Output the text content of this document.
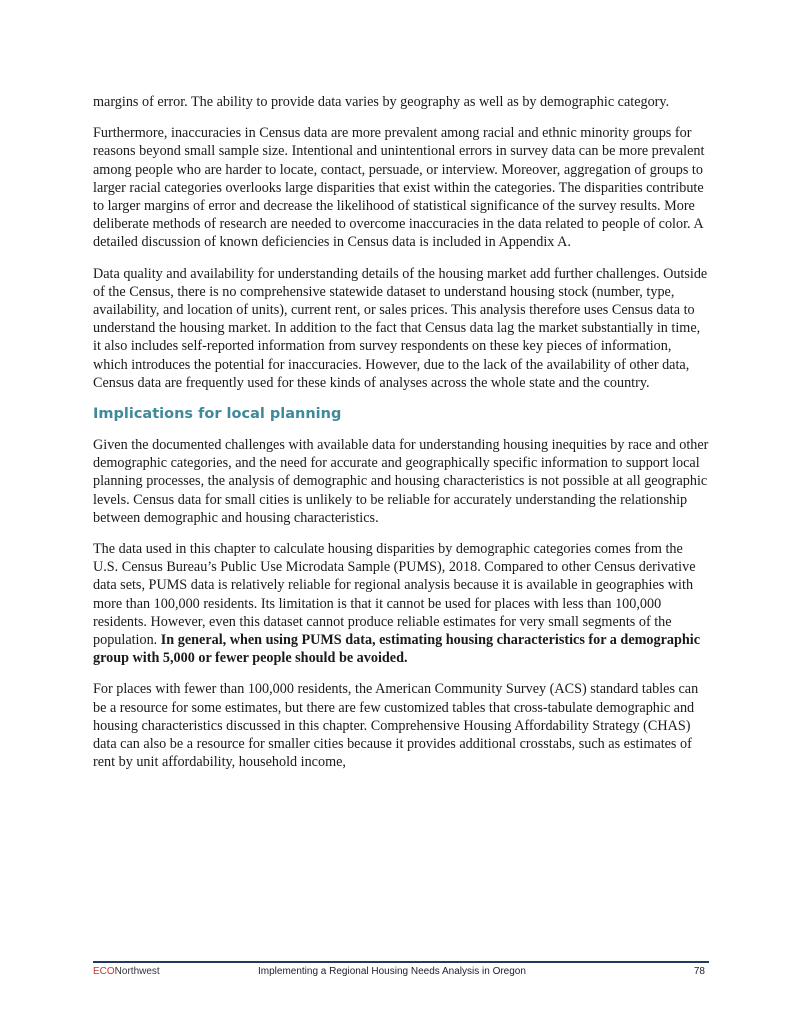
margins of error. The ability to provide data varies by geography as well as by demographic category.

Furthermore, inaccuracies in Census data are more prevalent among racial and ethnic minority groups for reasons beyond small sample size. Intentional and unintentional errors in survey data can be more prevalent among people who are harder to locate, contact, persuade, or interview. Moreover, aggregation of groups to larger racial categories overlooks large disparities that exist within the categories. The disparities contribute to larger margins of error and decrease the likelihood of statistical significance of the survey results. More deliberate methods of research are needed to overcome inaccuracies in the data related to people of color. A detailed discussion of known deficiencies in Census data is included in Appendix A.

Data quality and availability for understanding details of the housing market add further challenges. Outside of the Census, there is no comprehensive statewide dataset to understand housing stock (number, type, availability, and location of units), current rent, or sales prices. This analysis therefore uses Census data to understand the housing market. In addition to the fact that Census data lag the market substantially in time, it also includes self-reported information from survey respondents on these key pieces of information, which introduces the potential for inaccuracies. However, due to the lack of the availability of other data, Census data are frequently used for these kinds of analyses across the whole state and the country.

Implications for local planning

Given the documented challenges with available data for understanding housing inequities by race and other demographic categories, and the need for accurate and geographically specific information to support local planning processes, the analysis of demographic and housing characteristics is not possible at all geographic levels. Census data for small cities is unlikely to be reliable for accurately understanding the relationship between demographic and housing characteristics.

The data used in this chapter to calculate housing disparities by demographic categories comes from the U.S. Census Bureau’s Public Use Microdata Sample (PUMS), 2018. Compared to other Census derivative data sets, PUMS data is relatively reliable for regional analysis because it is available in geographies with more than 100,000 residents. Its limitation is that it cannot be used for places with less than 100,000 residents. However, even this dataset cannot produce reliable estimates for very small segments of the population. In general, when using PUMS data, estimating housing characteristics for a demographic group with 5,000 or fewer people should be avoided.

For places with fewer than 100,000 residents, the American Community Survey (ACS) standard tables can be a resource for some estimates, but there are few customized tables that cross-tabulate demographic and housing characteristics discussed in this chapter. Comprehensive Housing Affordability Strategy (CHAS) data can also be a resource for smaller cities because it provides additional crosstabs, such as estimates of rent by unit affordability, household income,

ECONorthwest	Implementing a Regional Housing Needs Analysis in Oregon	78
